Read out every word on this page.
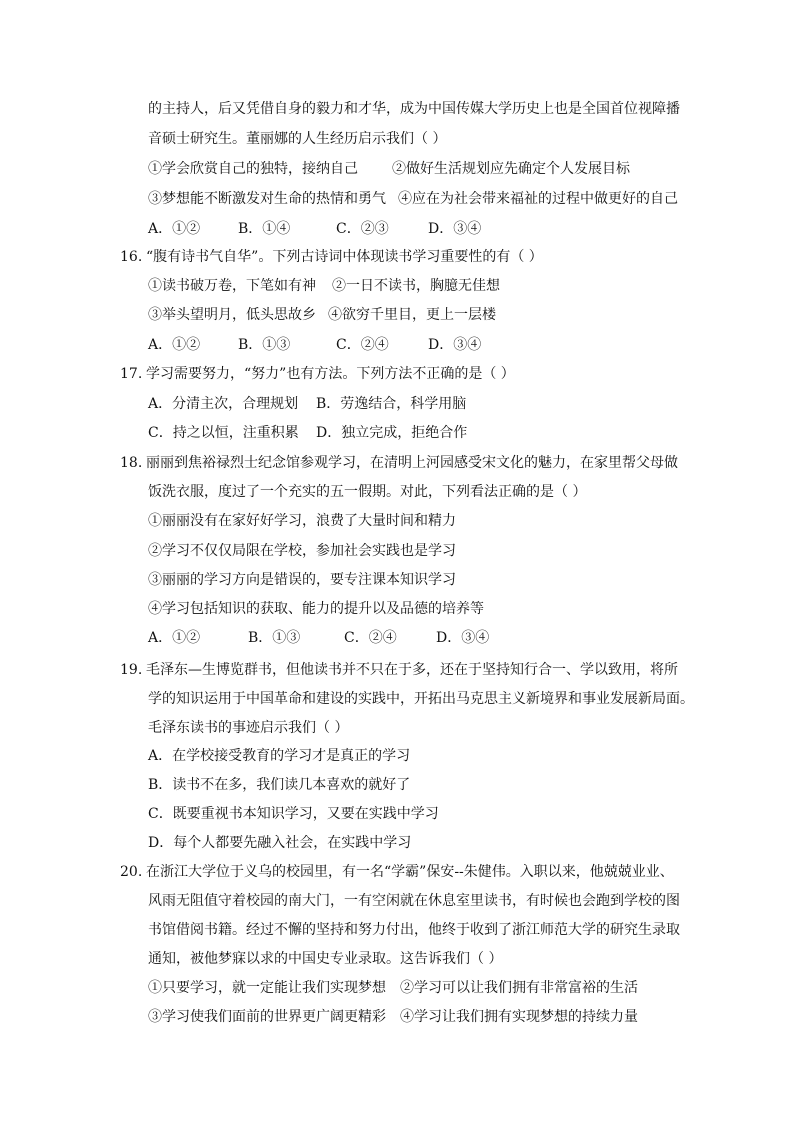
的主持人，后又凭借自身的毅力和才华，成为中国传媒大学历史上也是全国首位视障播
音硕士研究生。董丽娜的人生经历启示我们（ ）
①学会欣赏自己的独特，接纳自己 ②做好生活规划应先确定个人发展目标
③梦想能不断激发对生命的热情和勇气 ④应在为社会带来福祉的过程中做更好的自己
A．①②	B．①④	C．②③	D．③④
16. “腹有诗书气自华”。下列古诗词中体现读书学习重要性的有（ ）
①读书破万卷，下笔如有神 ②一日不读书，胸臆无佳想
③举头望明月，低头思故乡 ④欲穷千里目，更上一层楼
A．①②	B．①③	C．②④	D．③④
17. 学习需要努力，“努力”也有方法。下列方法不正确的是（ ）
A．分清主次，合理规划 B．劳逸结合，科学用脑
C．持之以恒，注重积累 D．独立完成，拒绝合作
18. 丽丽到焦裕禄烈士纪念馆参观学习，在清明上河园感受宋文化的魅力，在家里帮父母做
饭洗衣服，度过了一个充实的五一假期。对此，下列看法正确的是（ ）
①丽丽没有在家好好学习，浪费了大量时间和精力
②学习不仅仅局限在学校，参加社会实践也是学习
③丽丽的学习方向是错误的，要专注课本知识学习
④学习包括知识的获取、能力的提升以及品德的培养等
A．①②	B．①③	C．②④	D．③④
19. 毛泽东—生博览群书，但他读书并不只在于多，还在于坚持知行合一、学以致用，将所
学的知识运用于中国革命和建设的实践中，开拓出马克思主义新境界和事业发展新局面。
毛泽东读书的事迹启示我们（ ）
A．在学校接受教育的学习才是真正的学习
B．读书不在多，我们读几本喜欢的就好了
C．既要重视书本知识学习，又要在实践中学习
D．每个人都要先融入社会，在实践中学习
20. 在浙江大学位于义乌的校园里，有一名“学霸”保安--朱健伟。入职以来，他兢兢业业、
风雨无阻值守着校园的南大门，一有空闲就在休息室里读书，有时候也会跑到学校的图
书馆借阅书籍。经过不懈的坚持和努力付出，他终于收到了浙江师范大学的研究生录取
通知，被他梦寐以求的中国史专业录取。这告诉我们（ ）
①只要学习，就一定能让我们实现梦想 ②学习可以让我们拥有非常富裕的生活
③学习使我们面前的世界更广阔更精彩 ④学习让我们拥有实现梦想的持续力量
